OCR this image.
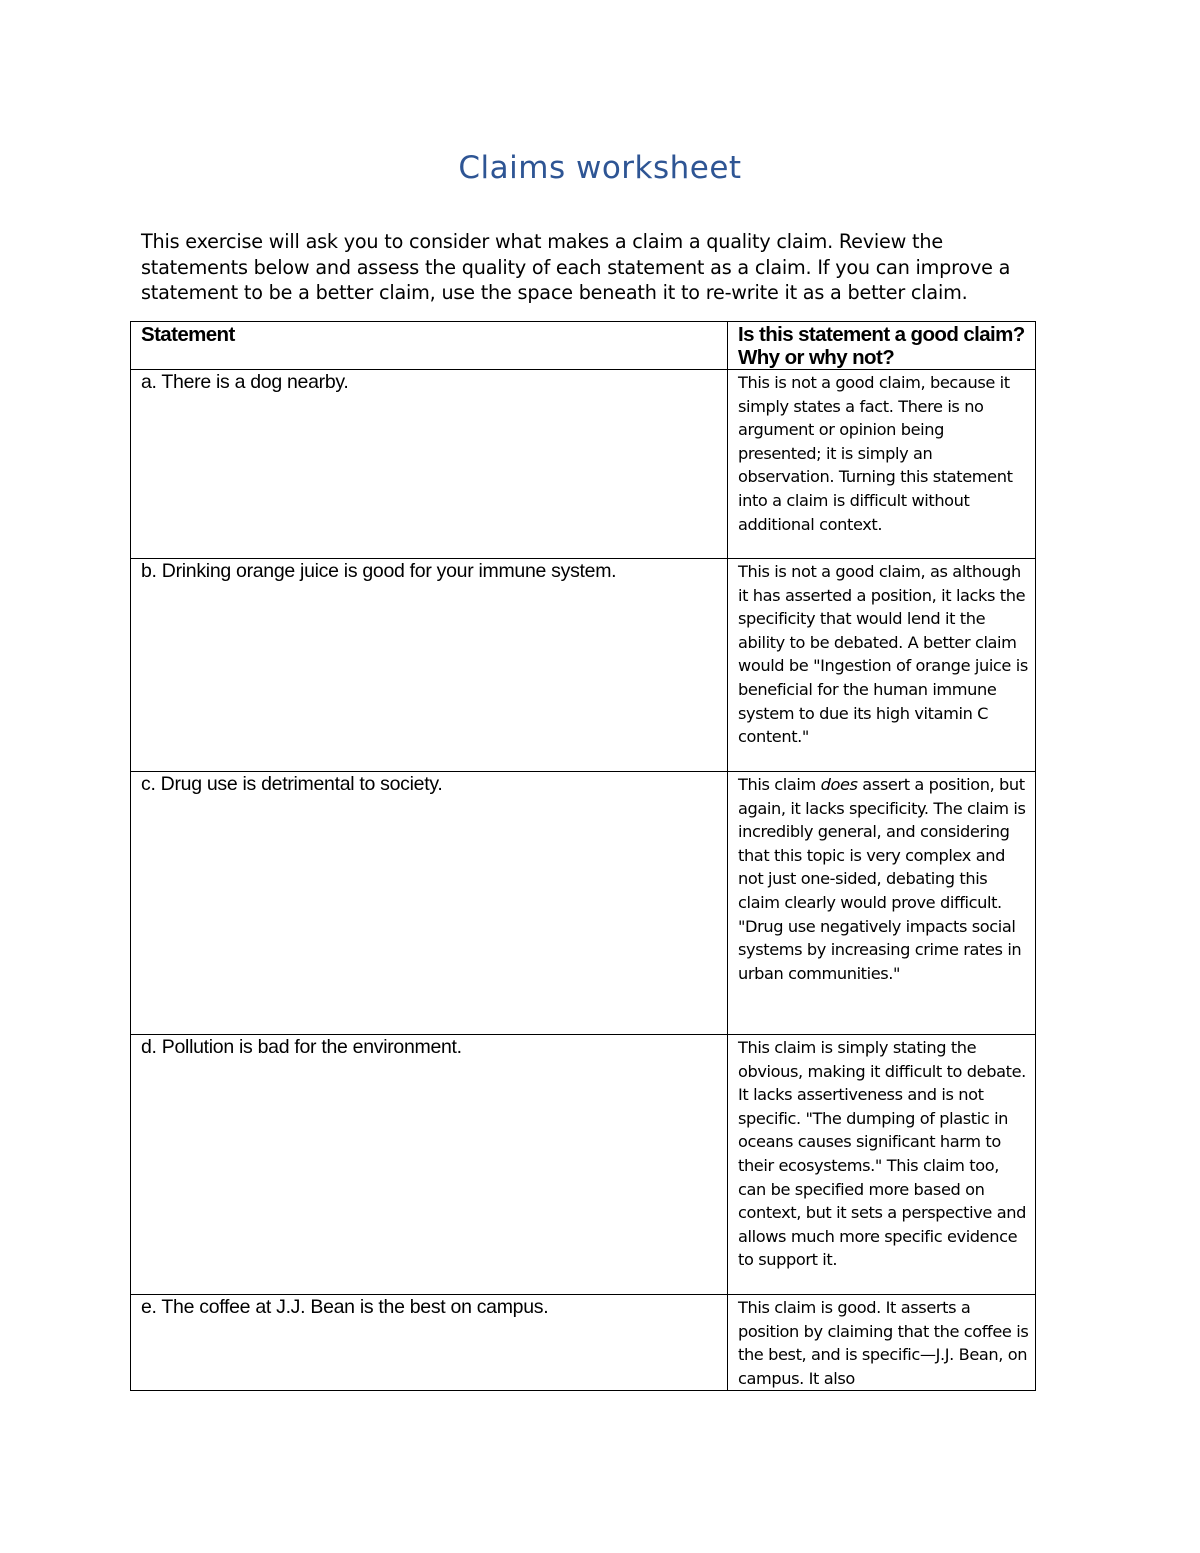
Claims worksheet
This exercise will ask you to consider what makes a claim a quality claim. Review the statements below and assess the quality of each statement as a claim. If you can improve a statement to be a better claim, use the space beneath it to re-write it as a better claim.
Statement	Is this statement a good claim? Why or why not?
a. There is a dog nearby.	This is not a good claim, because it simply states a fact. There is no argument or opinion being presented; it is simply an observation. Turning this statement into a claim is difficult without additional context.
b. Drinking orange juice is good for your immune system.	This is not a good claim, as although it has asserted a position, it lacks the specificity that would lend it the ability to be debated. A better claim would be "Ingestion of orange juice is beneficial for the human immune system to due its high vitamin C content."
c. Drug use is detrimental to society.	This claim does assert a position, but again, it lacks specificity. The claim is incredibly general, and considering that this topic is very complex and not just one-sided, debating this claim clearly would prove difficult. "Drug use negatively impacts social systems by increasing crime rates in urban communities."
d. Pollution is bad for the environment.	This claim is simply stating the obvious, making it difficult to debate. It lacks assertiveness and is not specific. "The dumping of plastic in oceans causes significant harm to their ecosystems." This claim too, can be specified more based on context, but it sets a perspective and allows much more specific evidence to support it.
e. The coffee at J.J. Bean is the best on campus.	This claim is good. It asserts a position by claiming that the coffee is the best, and is specific—J.J. Bean, on campus. It also
